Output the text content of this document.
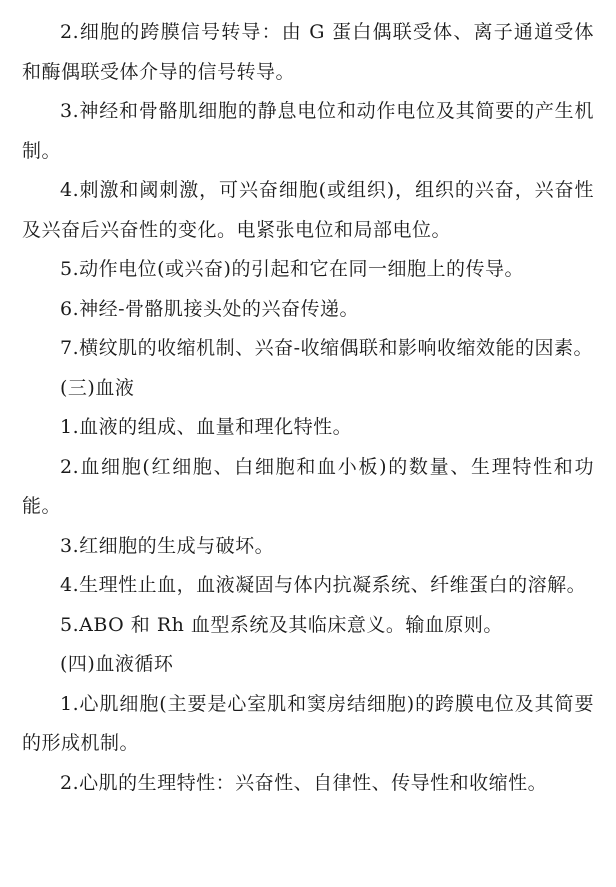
2.细胞的跨膜信号转导：由 G 蛋白偶联受体、离子通道受体和酶偶联受体介导的信号转导。

3.神经和骨骼肌细胞的静息电位和动作电位及其简要的产生机制。

4.刺激和阈刺激，可兴奋细胞(或组织)，组织的兴奋，兴奋性及兴奋后兴奋性的变化。电紧张电位和局部电位。

5.动作电位(或兴奋)的引起和它在同一细胞上的传导。

6.神经-骨骼肌接头处的兴奋传递。

7.横纹肌的收缩机制、兴奋-收缩偶联和影响收缩效能的因素。

(三)血液

1.血液的组成、血量和理化特性。

2.血细胞(红细胞、白细胞和血小板)的数量、生理特性和功能。

3.红细胞的生成与破坏。

4.生理性止血，血液凝固与体内抗凝系统、纤维蛋白的溶解。

5.ABO 和 Rh 血型系统及其临床意义。输血原则。

(四)血液循环

1.心肌细胞(主要是心室肌和窦房结细胞)的跨膜电位及其简要的形成机制。

2.心肌的生理特性：兴奋性、自律性、传导性和收缩性。
